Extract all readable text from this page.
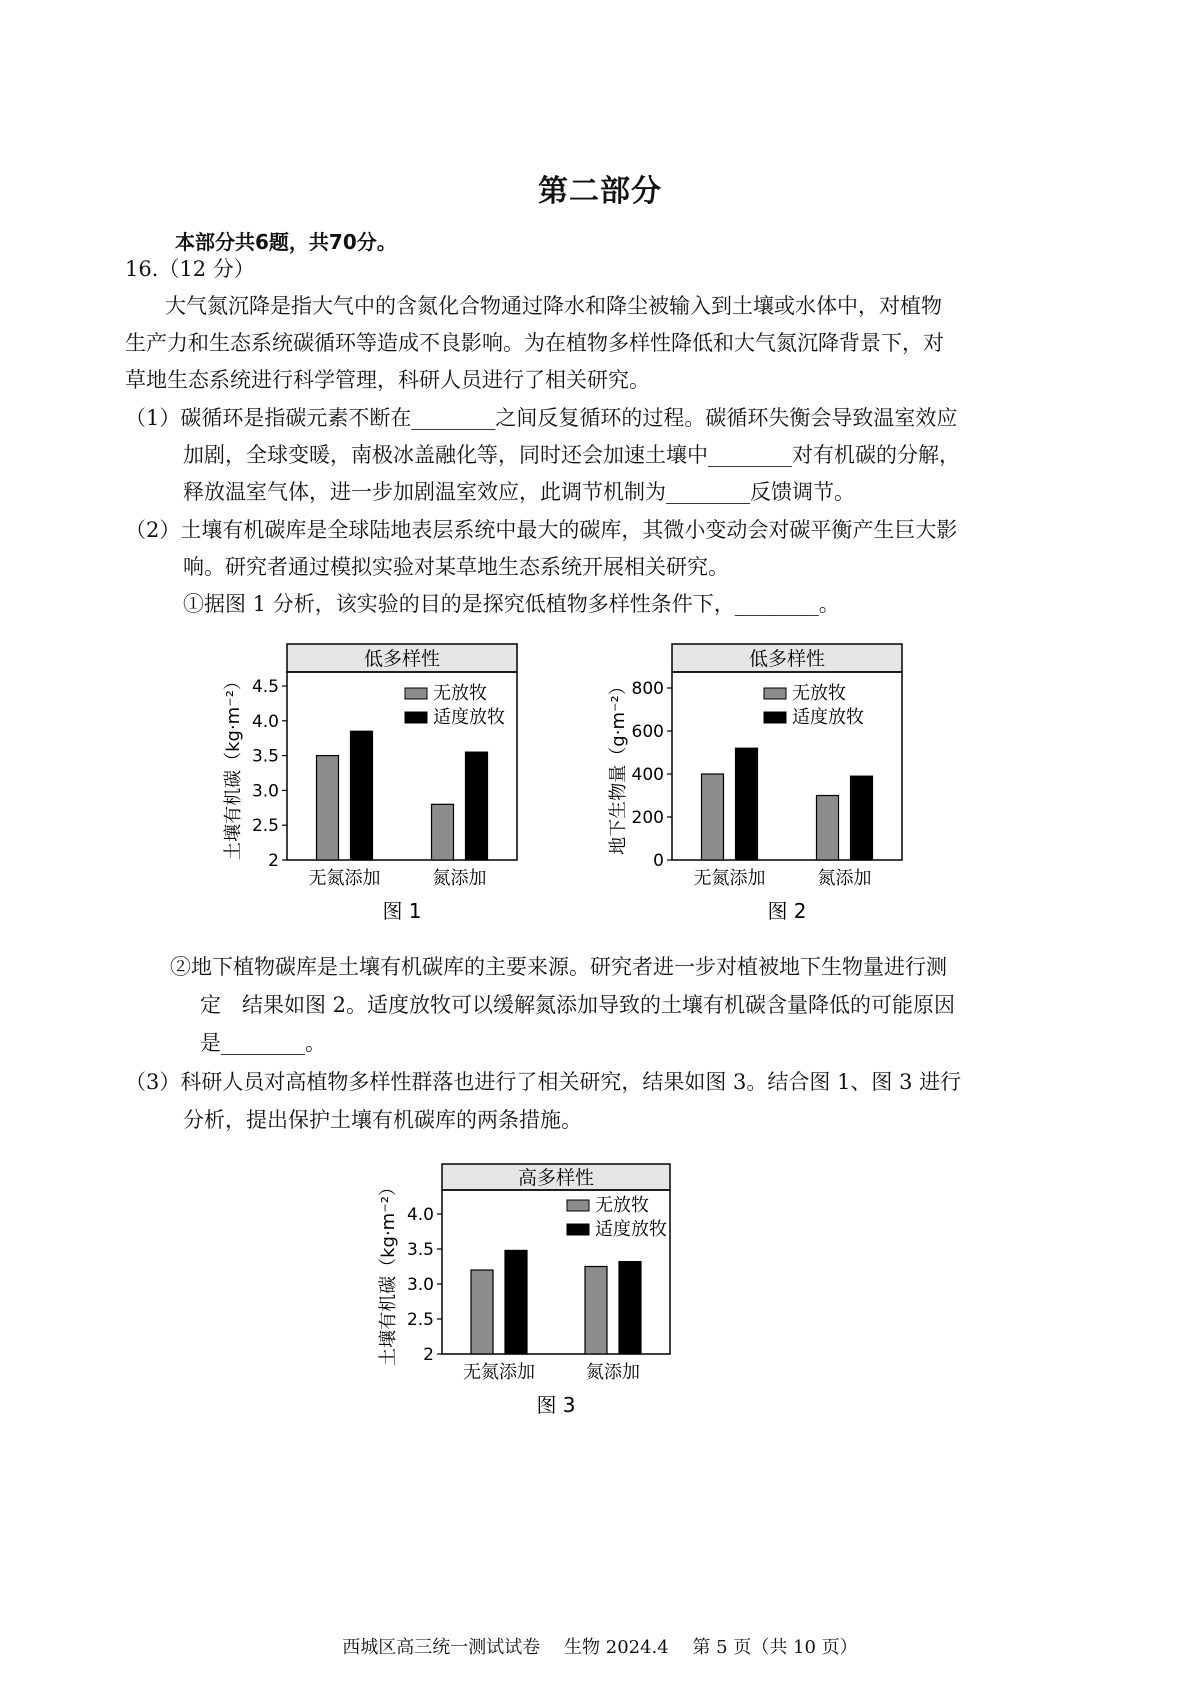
第二部分
本部分共6题，共70分。
16.（12 分）
大气氮沉降是指大气中的含氮化合物通过降水和降尘被输入到土壤或水体中，对植物
生产力和生态系统碳循环等造成不良影响。为在植物多样性降低和大气氮沉降背景下，对
草地生态系统进行科学管理，科研人员进行了相关研究。
（1）碳循环是指碳元素不断在________之间反复循环的过程。碳循环失衡会导致温室效应
加剧，全球变暖，南极冰盖融化等，同时还会加速土壤中________对有机碳的分解，
释放温室气体，进一步加剧温室效应，此调节机制为________反馈调节。
（2）土壤有机碳库是全球陆地表层系统中最大的碳库，其微小变动会对碳平衡产生巨大影
响。研究者通过模拟实验对某草地生态系统开展相关研究。
①据图 1 分析，该实验的目的是探究低植物多样性条件下，________。
低多样性
2
2.5
3.0
3.5
4.0
4.5
土壤有机碳（kg·m⁻²）
无氮添加	氮添加
无放牧
适度放牧
图 1
低多样性
0
200
400
600
800
地下生物量（g·m⁻²）
无氮添加	氮添加
无放牧
适度放牧
图 2
②地下植物碳库是土壤有机碳库的主要来源。研究者进一步对植被地下生物量进行测
定　结果如图 2。适度放牧可以缓解氮添加导致的土壤有机碳含量降低的可能原因
是________。
（3）科研人员对高植物多样性群落也进行了相关研究，结果如图 3。结合图 1、图 3 进行
分析，提出保护土壤有机碳库的两条措施。
高多样性
2
2.5
3.0
3.5
4.0
土壤有机碳（kg·m⁻²）
无氮添加	氮添加
无放牧
适度放牧
图 3
西城区高三统一测试试卷　 生物 2024.4 　第 5 页（共 10 页）
